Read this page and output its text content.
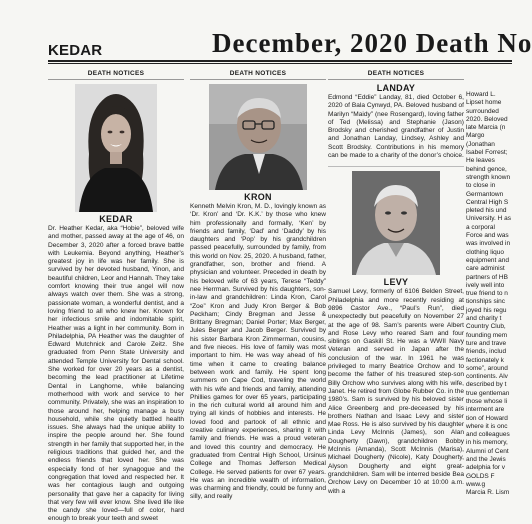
KEDAR	December, 2020 Death No
DEATH NOTICES
KEDAR

Dr. Heather Kedar, aka “Hobie”, beloved wife and mother, passed away at the age of 46, on December 3, 2020 after a forced brave battle with Leukemia. Beyond anything, Heather’s greatest joy in life was her family. She is survived by her devoted husband, Yinon, and beautiful children, Leor and Hannah. They take comfort knowing their true angel will now always watch over them. She was a strong, passionate woman, a wonderful dentist, and a loving friend to all who knew her. Known for her infectious smile and indomitable spirit, Heather was a light in her community. Born in Philadelphia, PA Heather was the daughter of Edward Mutchnick and Carole Zeitz. She graduated from Penn State University and attended Temple University for Dental school. She worked for over 20 years as a dentist, becoming the lead practitioner at Lifetime Dental in Langhorne, while balancing motherhood with work and service to her community. Privately, she was an inspiration to those around her, helping manage a busy household, while she quietly battled health issues. She always had the unique ability to inspire the people around her. She found strength in her family that supported her, in the religious traditions that guided her, and the endless friends that loved her. She was especially fond of her synagogue and the congregation that loved and respected her. It was her contagious laugh and outgoing personality that gave her a capacity for living that very few will ever know. She lived life like the candy she loved—full of color, hard enough to break your teeth and sweet

DEATH NOTICES
KRON

Kenneth Melvin Kron, M. D., lovingly known as ‘Dr. Kron’ and ‘Dr. K.K.’ by those who knew him professionally and formally, ‘Ken’ by friends and family, ‘Dad’ and ‘Daddy’ by his daughters and ‘Pop’ by his grandchildren passed peacefully, surrounded by family, from this world on Nov. 25, 2020. A husband, father, grandfather, son, brother and friend. A physician and volunteer. Preceded in death by his beloved wife of 63 years, Terese “Teddy” nee Herrman. Survived by his daughters, son-in-law and grandchildren: Linda Kron, Carol “Zoe” Kron and Judy Kron Berger & Bob Peckham; Cindy Bregman and Jesse & Brittany Bregman; Daniel Porter; Max Berger, Jules Berger and Jacob Berger. Survived by his sister Barbara Kron Zimmerman, cousins, and five nieces. His love of family was most important to him. He was way ahead of his time when it came to creating balance between work and family. He spent long summers on Cape Cod, traveling the world with his wife and friends and family, attending Phillies games for over 65 years, participating in the rich cultural world all around him and trying all kinds of hobbies and interests. He loved food and partook of all ethnic and creative culinary experiences, sharing it with family and friends. He was a proud veteran and loved this country and democracy. He graduated from Central High School, Ursinus College and Thomas Jefferson Medical College. He served patients for over 67 years. He was an incredible wealth of information, was charming and friendly, could be funny and silly, and really

DEATH NOTICES
LANDAY

Edmond “Eddie” Landay, 81, died October 6, 2020 of Bala Cynwyd, PA. Beloved husband of Marilyn “Maidy” (nee Rosengard), loving father of Ted (Melissa) and Stephanie (Jason) Brodsky and cherished grandfather of Justin and Jonathan Landay, Lindsey, Ashley and Scott Brodsky. Contributions in his memory can be made to a charity of the donor’s choice.

LEVY

Samuel Levy, formerly of 6106 Belden Street, Philadelphia and more recently residing at 9896 Castor Ave., “Paul’s Run”, died unexpectedly but peacefully on November 27 at the age of 98. Sam’s parents were Albert and Rose Levy who reared Sam and four siblings on Gaskill St. He was a WWII Navy Veteran and served in Japan after the conclusion of the war. In 1961 he was privileged to marry Beatrice Orchow and to become the father of his treasured step-son Billy Orchow who survives along with his wife, Janet. He retired from Globe Rubber Co. in the 1980’s. Sam is survived by his beloved sister Alice Greenberg and pre-deceased by his brothers Nathan and Isaac Levy and sister Mae Ross. He is also survived by his daughter Linda Levy McInnis (James), son Alan Dougherty (Dawn), grandchildren Bobby McInnis (Amanda), Scott McInnis (Marisa), Michael Dougherty (Nicole), Katy Dougherty, Alyson Dougherty and eight great-grandchildren. Sam will be interred beside Bea Orchow Levy on December 10 at 10:00 a.m. with a

Howard L. Lipset home surrounded 2020. Beloved late Marcia (n Margo (Jonathan Isabel Forrest; He leaves behind gence, strength known to close in Germantown Central High S pleted his und University. H as a corporal Force and was was involved in clothing liquo equipment and care administ partners of HB ively well into true friend to n tionships sinc joyed his regu and charity t Country Club, founding mem ture and trave friends, includ fectionately k some”, around continents. Alv described by t true gentleman those whose li interment are tion of Howard where it is onc and colleagues in his memory, Alumni of Cent and the Jewis adelphia for v GOLDS F www.g

Marcia R. Lism
